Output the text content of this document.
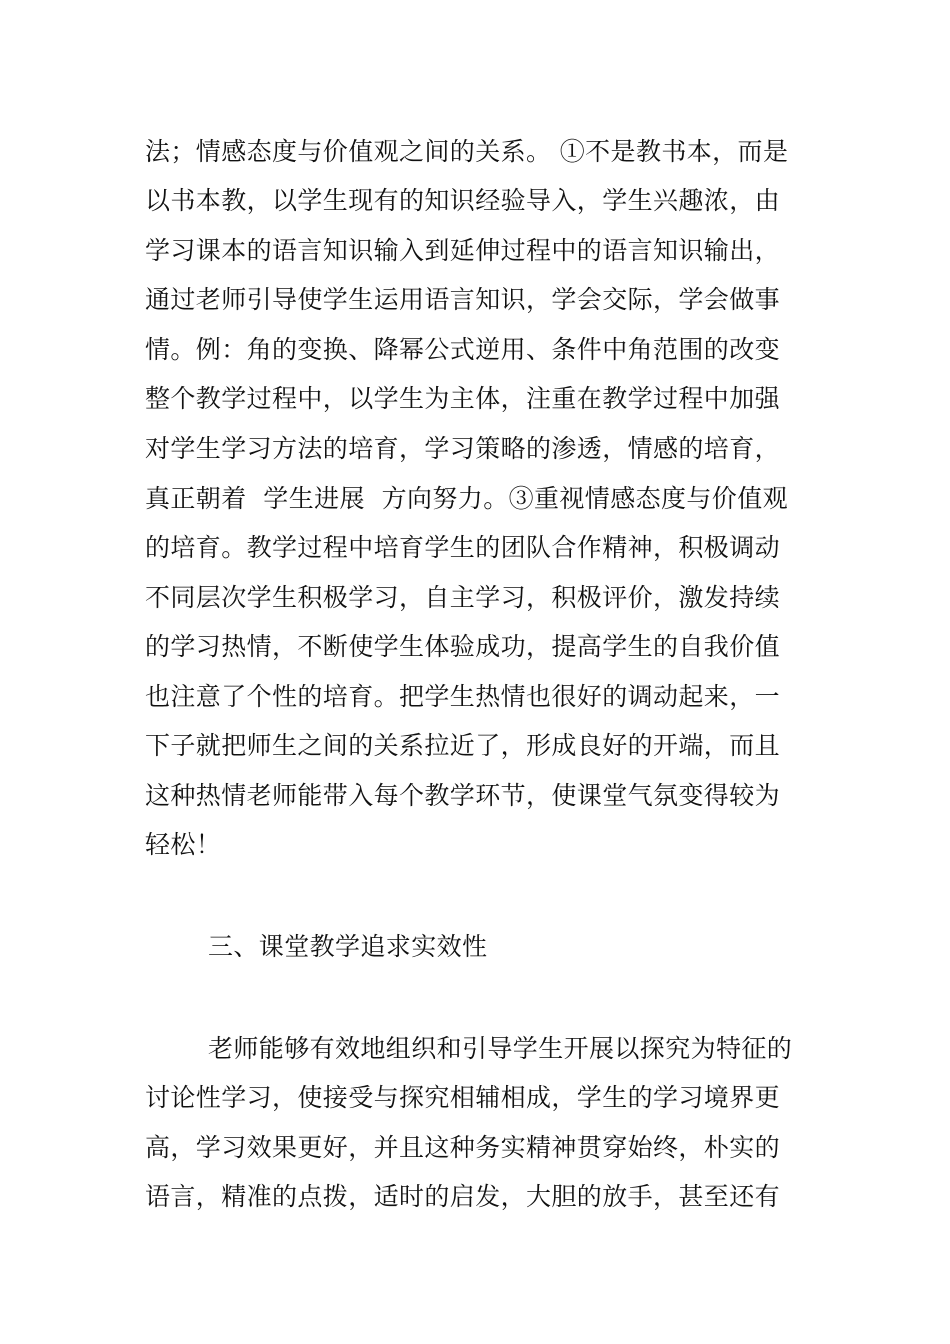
法；情感态度与价值观之间的关系。 ①不是教书本，而是
以书本教，以学生现有的知识经验导入，学生兴趣浓，由
学习课本的语言知识输入到延伸过程中的语言知识输出，
通过老师引导使学生运用语言知识，学会交际，学会做事
情。例：角的变换、降幂公式逆用、条件中角范围的改变
整个教学过程中，以学生为主体，注重在教学过程中加强
对学生学习方法的培育，学习策略的渗透，情感的培育，
真正朝着  学生进展  方向努力。③重视情感态度与价值观
的培育。教学过程中培育学生的团队合作精神，积极调动
不同层次学生积极学习，自主学习，积极评价，激发持续
的学习热情，不断使学生体验成功，提高学生的自我价值
也注意了个性的培育。把学生热情也很好的调动起来，一
下子就把师生之间的关系拉近了，形成良好的开端，而且
这种热情老师能带入每个教学环节，使课堂气氛变得较为
轻松！
三、课堂教学追求实效性
老师能够有效地组织和引导学生开展以探究为特征的
讨论性学习，使接受与探究相辅相成，学生的学习境界更
高，学习效果更好，并且这种务实精神贯穿始终，朴实的
语言，精准的点拨，适时的启发，大胆的放手，甚至还有
